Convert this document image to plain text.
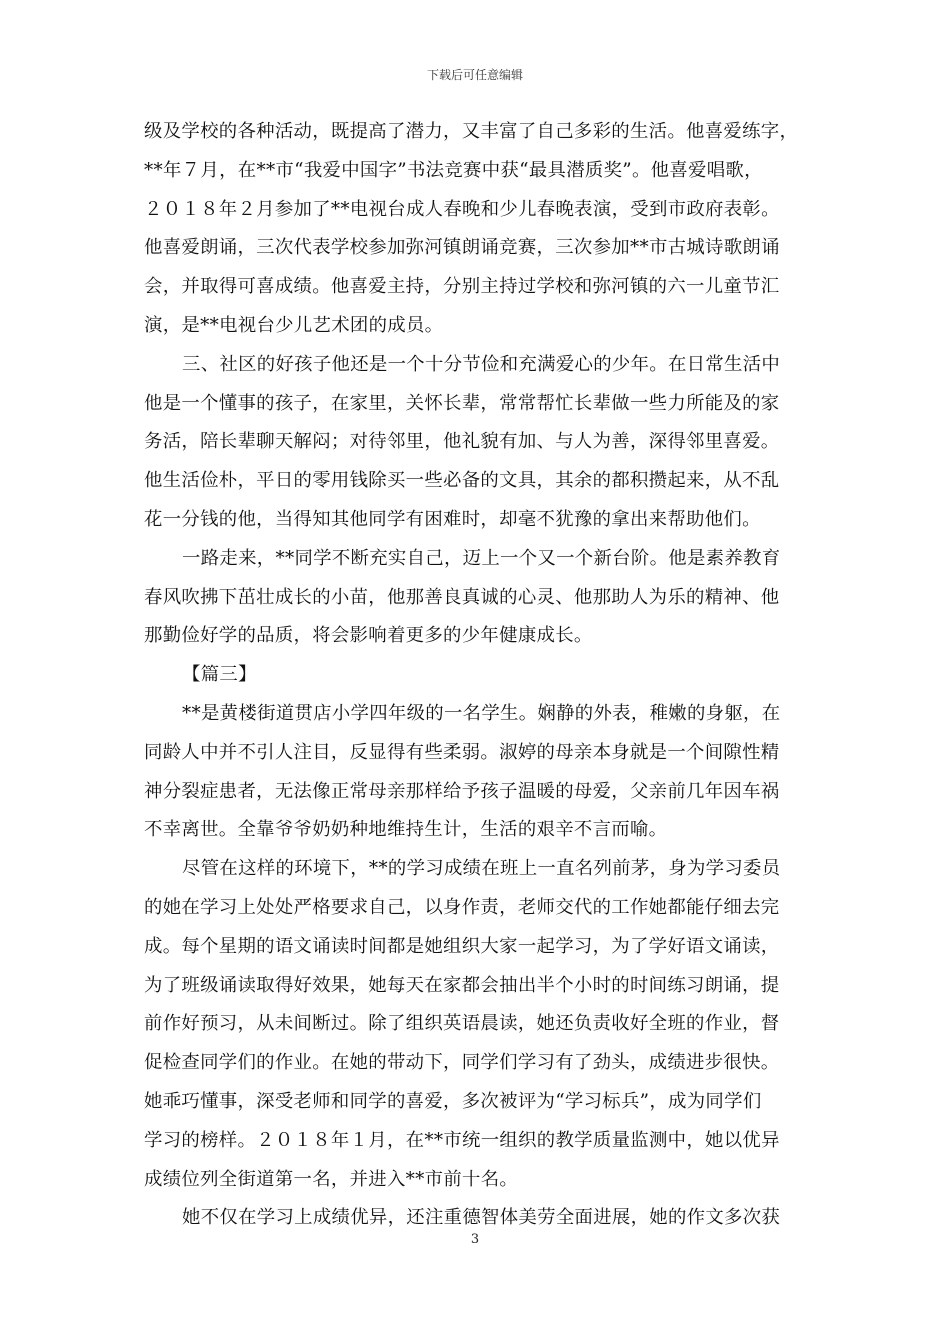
下载后可任意编辑
级及学校的各种活动，既提高了潜力，又丰富了自己多彩的生活。他喜爱练字，
**年７月，在**市“我爱中国字”书法竞赛中获“最具潜质奖”。他喜爱唱歌，
２０１８年２月参加了**电视台成人春晚和少儿春晚表演，受到市政府表彰。
他喜爱朗诵，三次代表学校参加弥河镇朗诵竞赛，三次参加**市古城诗歌朗诵
会，并取得可喜成绩。他喜爱主持，分别主持过学校和弥河镇的六一儿童节汇
演，是**电视台少儿艺术团的成员。
三、社区的好孩子他还是一个十分节俭和充满爱心的少年。在日常生活中
他是一个懂事的孩子，在家里，关怀长辈，常常帮忙长辈做一些力所能及的家
务活，陪长辈聊天解闷；对待邻里，他礼貌有加、与人为善，深得邻里喜爱。
他生活俭朴，平日的零用钱除买一些必备的文具，其余的都积攒起来，从不乱
花一分钱的他，当得知其他同学有困难时，却毫不犹豫的拿出来帮助他们。
一路走来，**同学不断充实自己，迈上一个又一个新台阶。他是素养教育
春风吹拂下茁壮成长的小苗，他那善良真诚的心灵、他那助人为乐的精神、他
那勤俭好学的品质，将会影响着更多的少年健康成长。
【篇三】
**是黄楼街道贯店小学四年级的一名学生。娴静的外表，稚嫩的身躯，在
同龄人中并不引人注目，反显得有些柔弱。淑婷的母亲本身就是一个间隙性精
神分裂症患者，无法像正常母亲那样给予孩子温暖的母爱，父亲前几年因车祸
不幸离世。全靠爷爷奶奶种地维持生计，生活的艰辛不言而喻。
尽管在这样的环境下，**的学习成绩在班上一直名列前茅，身为学习委员
的她在学习上处处严格要求自己，以身作责，老师交代的工作她都能仔细去完
成。每个星期的语文诵读时间都是她组织大家一起学习，为了学好语文诵读，
为了班级诵读取得好效果，她每天在家都会抽出半个小时的时间练习朗诵，提
前作好预习，从未间断过。除了组织英语晨读，她还负责收好全班的作业，督
促检查同学们的作业。在她的带动下，同学们学习有了劲头，成绩进步很快。
她乖巧懂事，深受老师和同学的喜爱，多次被评为“学习标兵”，成为同学们
学习的榜样。２０１８年１月，在**市统一组织的教学质量监测中，她以优异
成绩位列全街道第一名，并进入**市前十名。
她不仅在学习上成绩优异，还注重德智体美劳全面进展，她的作文多次获
3
